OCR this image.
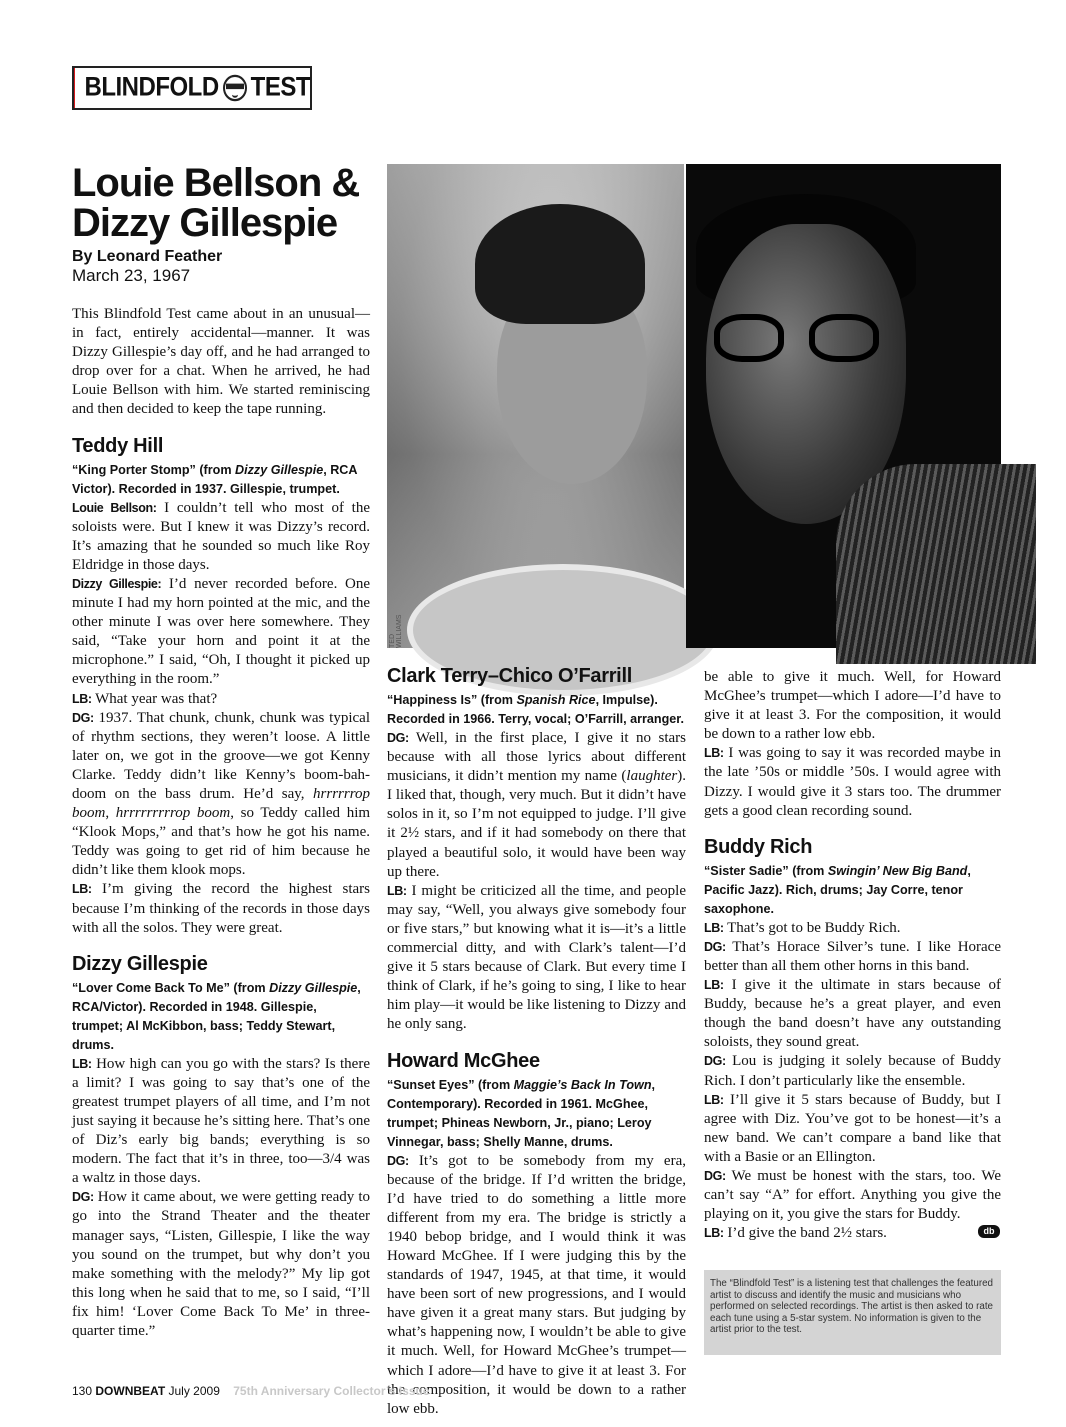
BLINDFOLD TEST
Louie Bellson & Dizzy Gillespie
By Leonard Feather
March 23, 1967
TED WILLIAMS

This Blindfold Test came about in an unusual—in fact, entirely accidental—manner. It was Dizzy Gillespie’s day off, and he had arranged to drop over for a chat. When he arrived, he had Louie Bellson with him. We started reminiscing and then decided to keep the tape running.

Teddy Hill

“King Porter Stomp” (from Dizzy Gillespie, RCA Victor). Recorded in 1937. Gillespie, trumpet.

Louie Bellson: I couldn’t tell who most of the soloists were. But I knew it was Dizzy’s record. It’s amazing that he sounded so much like Roy Eldridge in those days.

Dizzy Gillespie: I’d never recorded before. One minute I had my horn pointed at the mic, and the other minute I was over here somewhere. They said, “Take your horn and point it at the microphone.” I said, “Oh, I thought it picked up everything in the room.”

LB: What year was that?

DG: 1937. That chunk, chunk, chunk was typical of rhythm sections, they weren’t loose. A little later on, we got in the groove—we got Kenny Clarke. Teddy didn’t like Kenny’s boom-bah-doom on the bass drum. He’d say, hrrrrrrop boom, hrrrrrrrrrop boom, so Teddy called him “Klook Mops,” and that’s how he got his name. Teddy was going to get rid of him because he didn’t like them klook mops.

LB: I’m giving the record the highest stars because I’m thinking of the records in those days with all the solos. They were great.

Dizzy Gillespie

“Lover Come Back To Me” (from Dizzy Gillespie, RCA/Victor). Recorded in 1948. Gillespie, trumpet; Al McKibbon, bass; Teddy Stewart, drums.

LB: How high can you go with the stars? Is there a limit? I was going to say that’s one of the greatest trumpet players of all time, and I’m not just saying it because he’s sitting here. That’s one of Diz’s early big bands; everything is so modern. The fact that it’s in three, too—3/4 was a waltz in those days.

DG: How it came about, we were getting ready to go into the Strand Theater and the theater manager says, “Listen, Gillespie, I like the way you sound on the trumpet, but why don’t you make something with the melody?” My lip got this long when he said that to me, so I said, “I’ll fix him! ‘Lover Come Back To Me’ in three-quarter time.”

Clark Terry–Chico O’Farrill

“Happiness Is” (from Spanish Rice, Impulse). Recorded in 1966. Terry, vocal; O’Farrill, arranger.

DG: Well, in the first place, I give it no stars because with all those lyrics about different musicians, it didn’t mention my name (laughter). I liked that, though, very much. But it didn’t have solos in it, so I’m not equipped to judge. I’ll give it 2½ stars, and if it had somebody on there that played a beautiful solo, it would have been way up there.

LB: I might be criticized all the time, and people may say, “Well, you always give somebody four or five stars,” but knowing what it is—it’s a little commercial ditty, and with Clark’s talent—I’d give it 5 stars because of Clark. But every time I think of Clark, if he’s going to sing, I like to hear him play—it would be like listening to Dizzy and he only sang.

Howard McGhee

“Sunset Eyes” (from Maggie’s Back In Town, Contemporary). Recorded in 1961. McGhee, trumpet; Phineas Newborn, Jr., piano; Leroy Vinnegar, bass; Shelly Manne, drums.

DG: It’s got to be somebody from my era, because of the bridge. If I’d written the bridge, I’d have tried to do something a little more different from my era. The bridge is strictly a 1940 bebop bridge, and I would think it was Howard McGhee. If I were judging this by the standards of 1947, 1945, at that time, it would have been sort of new progressions, and I would have given it a great many stars. But judging by what’s happening now, I wouldn’t be able to give it much. Well, for Howard McGhee’s trumpet—which I adore—I’d have to give it at least 3. For the composition, it would be down to a rather low ebb.

be able to give it much. Well, for Howard McGhee’s trumpet—which I adore—I’d have to give it at least 3. For the composition, it would be down to a rather low ebb.

LB: I was going to say it was recorded maybe in the late ’50s or middle ’50s. I would agree with Dizzy. I would give it 3 stars too. The drummer gets a good clean recording sound.

Buddy Rich

“Sister Sadie” (from Swingin’ New Big Band, Pacific Jazz). Rich, drums; Jay Corre, tenor saxophone.

LB: That’s got to be Buddy Rich.

DG: That’s Horace Silver’s tune. I like Horace better than all them other horns in this band.

LB: I give it the ultimate in stars because of Buddy, because he’s a great player, and even though the band doesn’t have any outstanding soloists, they sound great.

DG: Lou is judging it solely because of Buddy Rich. I don’t particularly like the ensemble.

LB: I’ll give it 5 stars because of Buddy, but I agree with Diz. You’ve got to be honest—it’s a new band. We can’t compare a band like that with a Basie or an Ellington.

DG: We must be honest with the stars, too. We can’t say “A” for effort. Anything you give the playing on it, you give the stars for Buddy.

LB: I’d give the band 2½ stars.	db
The “Blindfold Test” is a listening test that challenges the featured artist to discuss and identify the music and musicians who performed on selected recordings. The artist is then asked to rate each tune using a 5-star system. No information is given to the artist prior to the test.
130 DOWNBEAT July 2009 75th Anniversary Collector’s Issue
